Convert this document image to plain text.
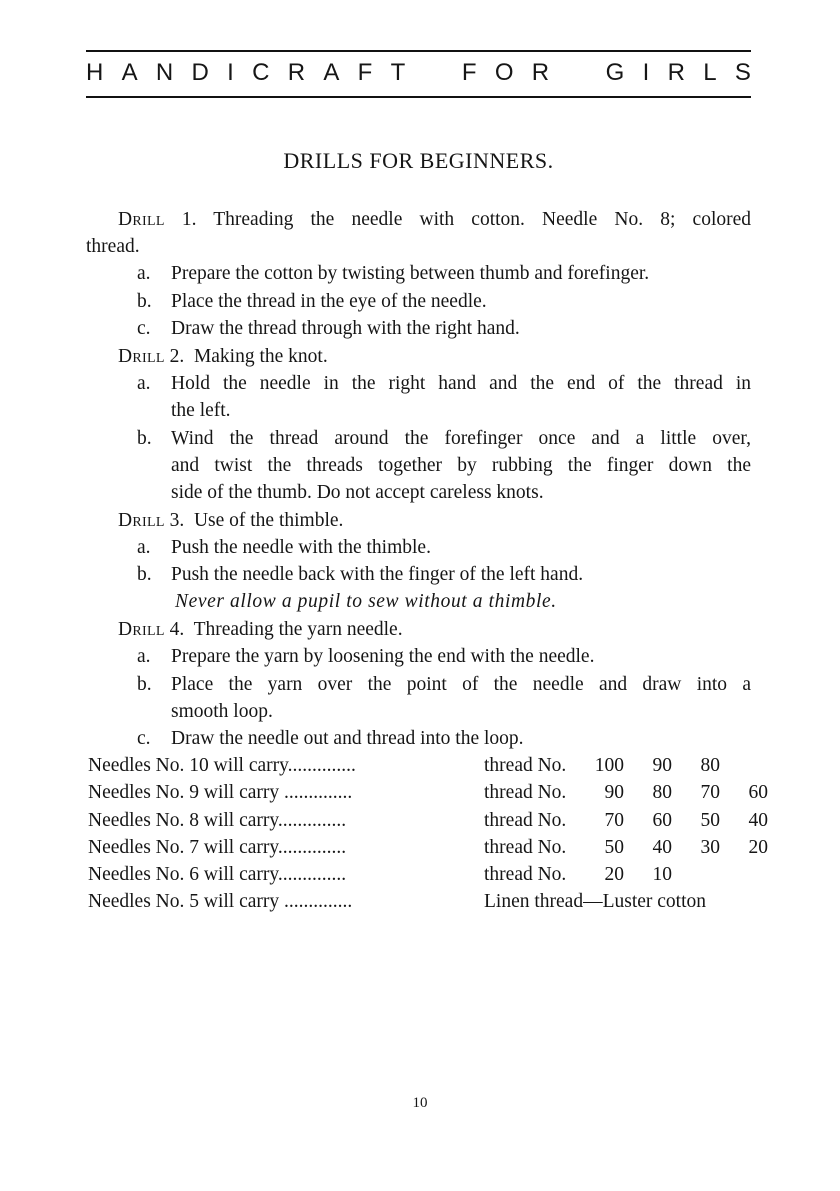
H A N D I C R A F T F O R G I R L S
DRILLS FOR BEGINNERS.
Drill 1. Threading the needle with cotton. Needle No. 8; colored
thread.
a. Prepare the cotton by twisting between thumb and forefinger.
b. Place the thread in the eye of the needle.
c. Draw the thread through with the right hand.
Drill 2. Making the knot.
a. Hold the needle in the right hand and the end of the thread in
the left.
b. Wind the thread around the forefinger once and a little over,
and twist the threads together by rubbing the finger down the
side of the thumb. Do not accept careless knots.
Drill 3. Use of the thimble.
a. Push the needle with the thimble.
b. Push the needle back with the finger of the left hand.
Never allow a pupil to sew without a thimble.
Drill 4. Threading the yarn needle.
a. Prepare the yarn by loosening the end with the needle.
b. Place the yarn over the point of the needle and draw into a
smooth loop.
c. Draw the needle out and thread into the loop.
Needles No. 10 will carry..............	thread No.	100	90	80
Needles No. 9 will carry ..............	thread No.	90	80	70	60
Needles No. 8 will carry..............	thread No.	70	60	50	40
Needles No. 7 will carry..............	thread No.	50	40	30	20
Needles No. 6 will carry..............	thread No.	20	10
Needles No. 5 will carry ..............	Linen thread—Luster cotton
10
